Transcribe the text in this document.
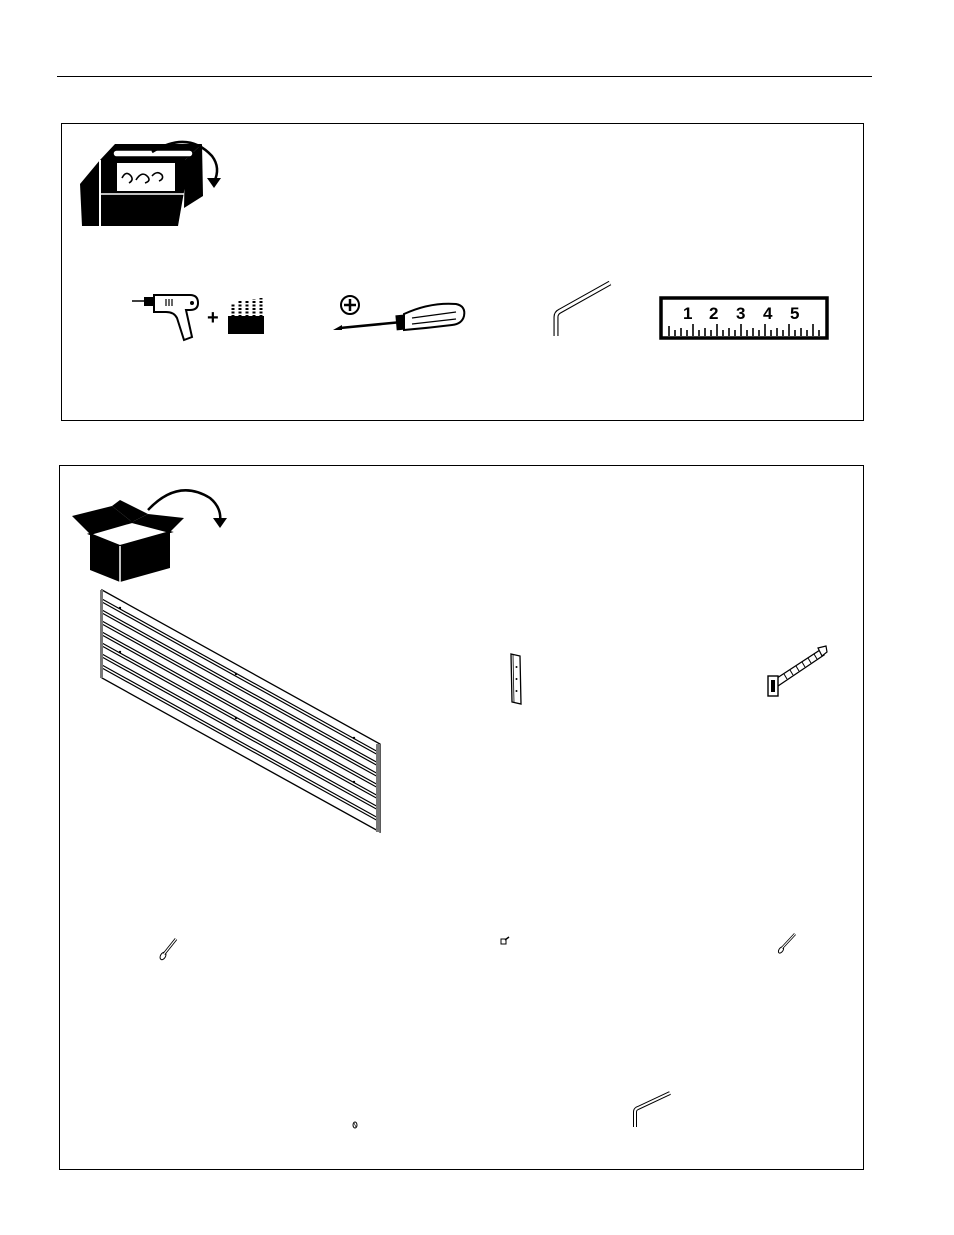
+	1 2 3 4 5
